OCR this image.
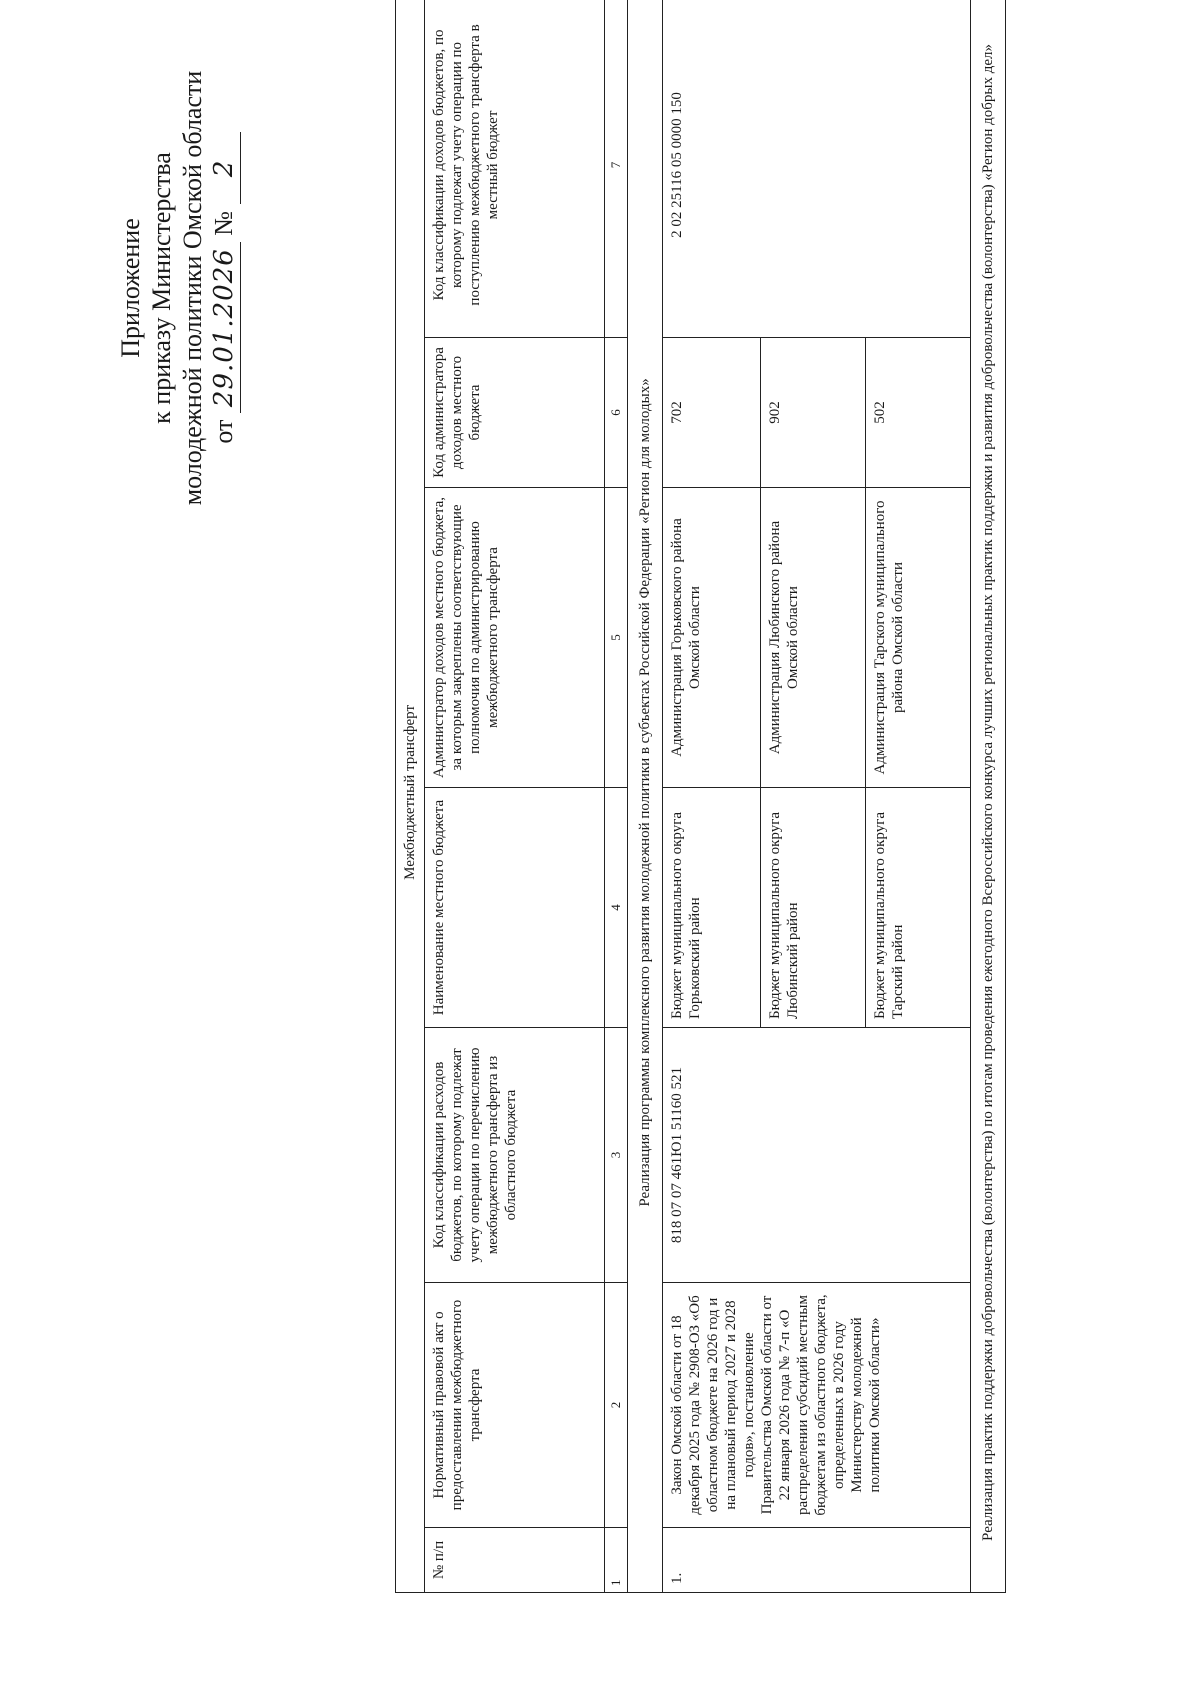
Приложение к приказу Министерства молодежной политики Омской области от 29.01.2026 № 2
Межбюджетный трансферт						
№ п/п	Нормативный правовой акт о предоставлении межбюджетного трансферта	Код классификации расходов бюджетов, по которому подлежат учету операции по перечислению межбюджетного трансферта из областного бюджета	Наименование местного бюджета	Администратор доходов местного бюджета, за которым закреплены соответствующие полномочия по администрированию межбюджетного трансферта	Код администратора доходов местного бюджета	Код классификации доходов бюджетов, по которому подлежат учету операции по поступлению межбюджетного трансферта в местный бюджет
1	2	3	4	5	6	7
Реализация программы комплексного развития молодежной политики в субъектах Российской Федерации «Регион для молодых»						
1.	Закон Омской области от 18 декабря 2025 года № 2908-ОЗ «Об областном бюджете на 2026 год и на плановый период 2027 и 2028 годов», постановление Правительства Омской области от 22 января 2026 года № 7-п «О распределении субсидий местным бюджетам из областного бюджета, определенных в 2026 году Министерству молодежной политики Омской области»	818 07 07 461Ю1 51160 521	Бюджет муниципального округа Горьковский район	Администрация Горьковского района Омской области	702	2 02 25116 05 0000 150
			Бюджет муниципального округа Любинский район	Администрация Любинского района Омской области	902	
			Бюджет муниципального округа Тарский район	Администрация Тарского муниципального района Омской области	502	
Реализация практик поддержки добровольчества (волонтерства) по итогам проведения ежегодного Всероссийского конкурса лучших региональных практик поддержки и развития добровольчества (волонтерства) «Регион добрых дел»						
